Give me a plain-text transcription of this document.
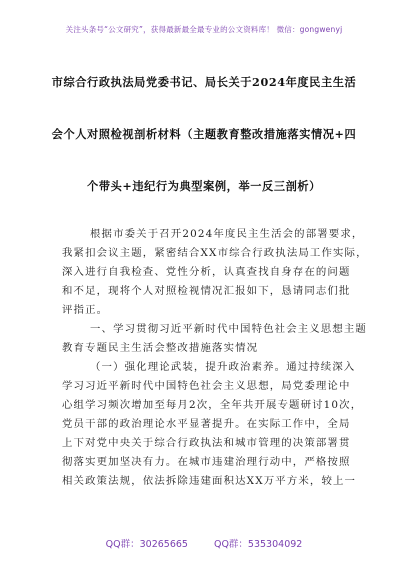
关注头条号“公文研究”，获得最新最全最专业的公文资料库！ 微信：gongwenyj
市综合行政执法局党委书记、局长关于2024年度民主生活
会个人对照检视剖析材料（主题教育整改措施落实情况+四
个带头+违纪行为典型案例，举一反三剖析）
根据市委关于召开2024年度民主生活会的部署要求，
我紧扣会议主题，紧密结合XX市综合行政执法局工作实际，
深入进行自我检查、党性分析，认真查找自身存在的问题
和不足，现将个人对照检视情况汇报如下，恳请同志们批
评指正。
一、学习贯彻习近平新时代中国特色社会主义思想主题
教育专题民主生活会整改措施落实情况
（一）强化理论武装，提升政治素养。通过持续深入
学习习近平新时代中国特色社会主义思想，局党委理论中
心组学习频次增加至每月2次，全年共开展专题研讨10次，
党员干部的政治理论水平显著提升。在实际工作中，全局
上下对党中央关于综合行政执法和城市管理的决策部署贯
彻落实更加坚决有力。在城市违建治理行动中，严格按照
相关政策法规，依法拆除违建面积达XX万平方米，较上一
QQ群：30265665	QQ群：535304092
